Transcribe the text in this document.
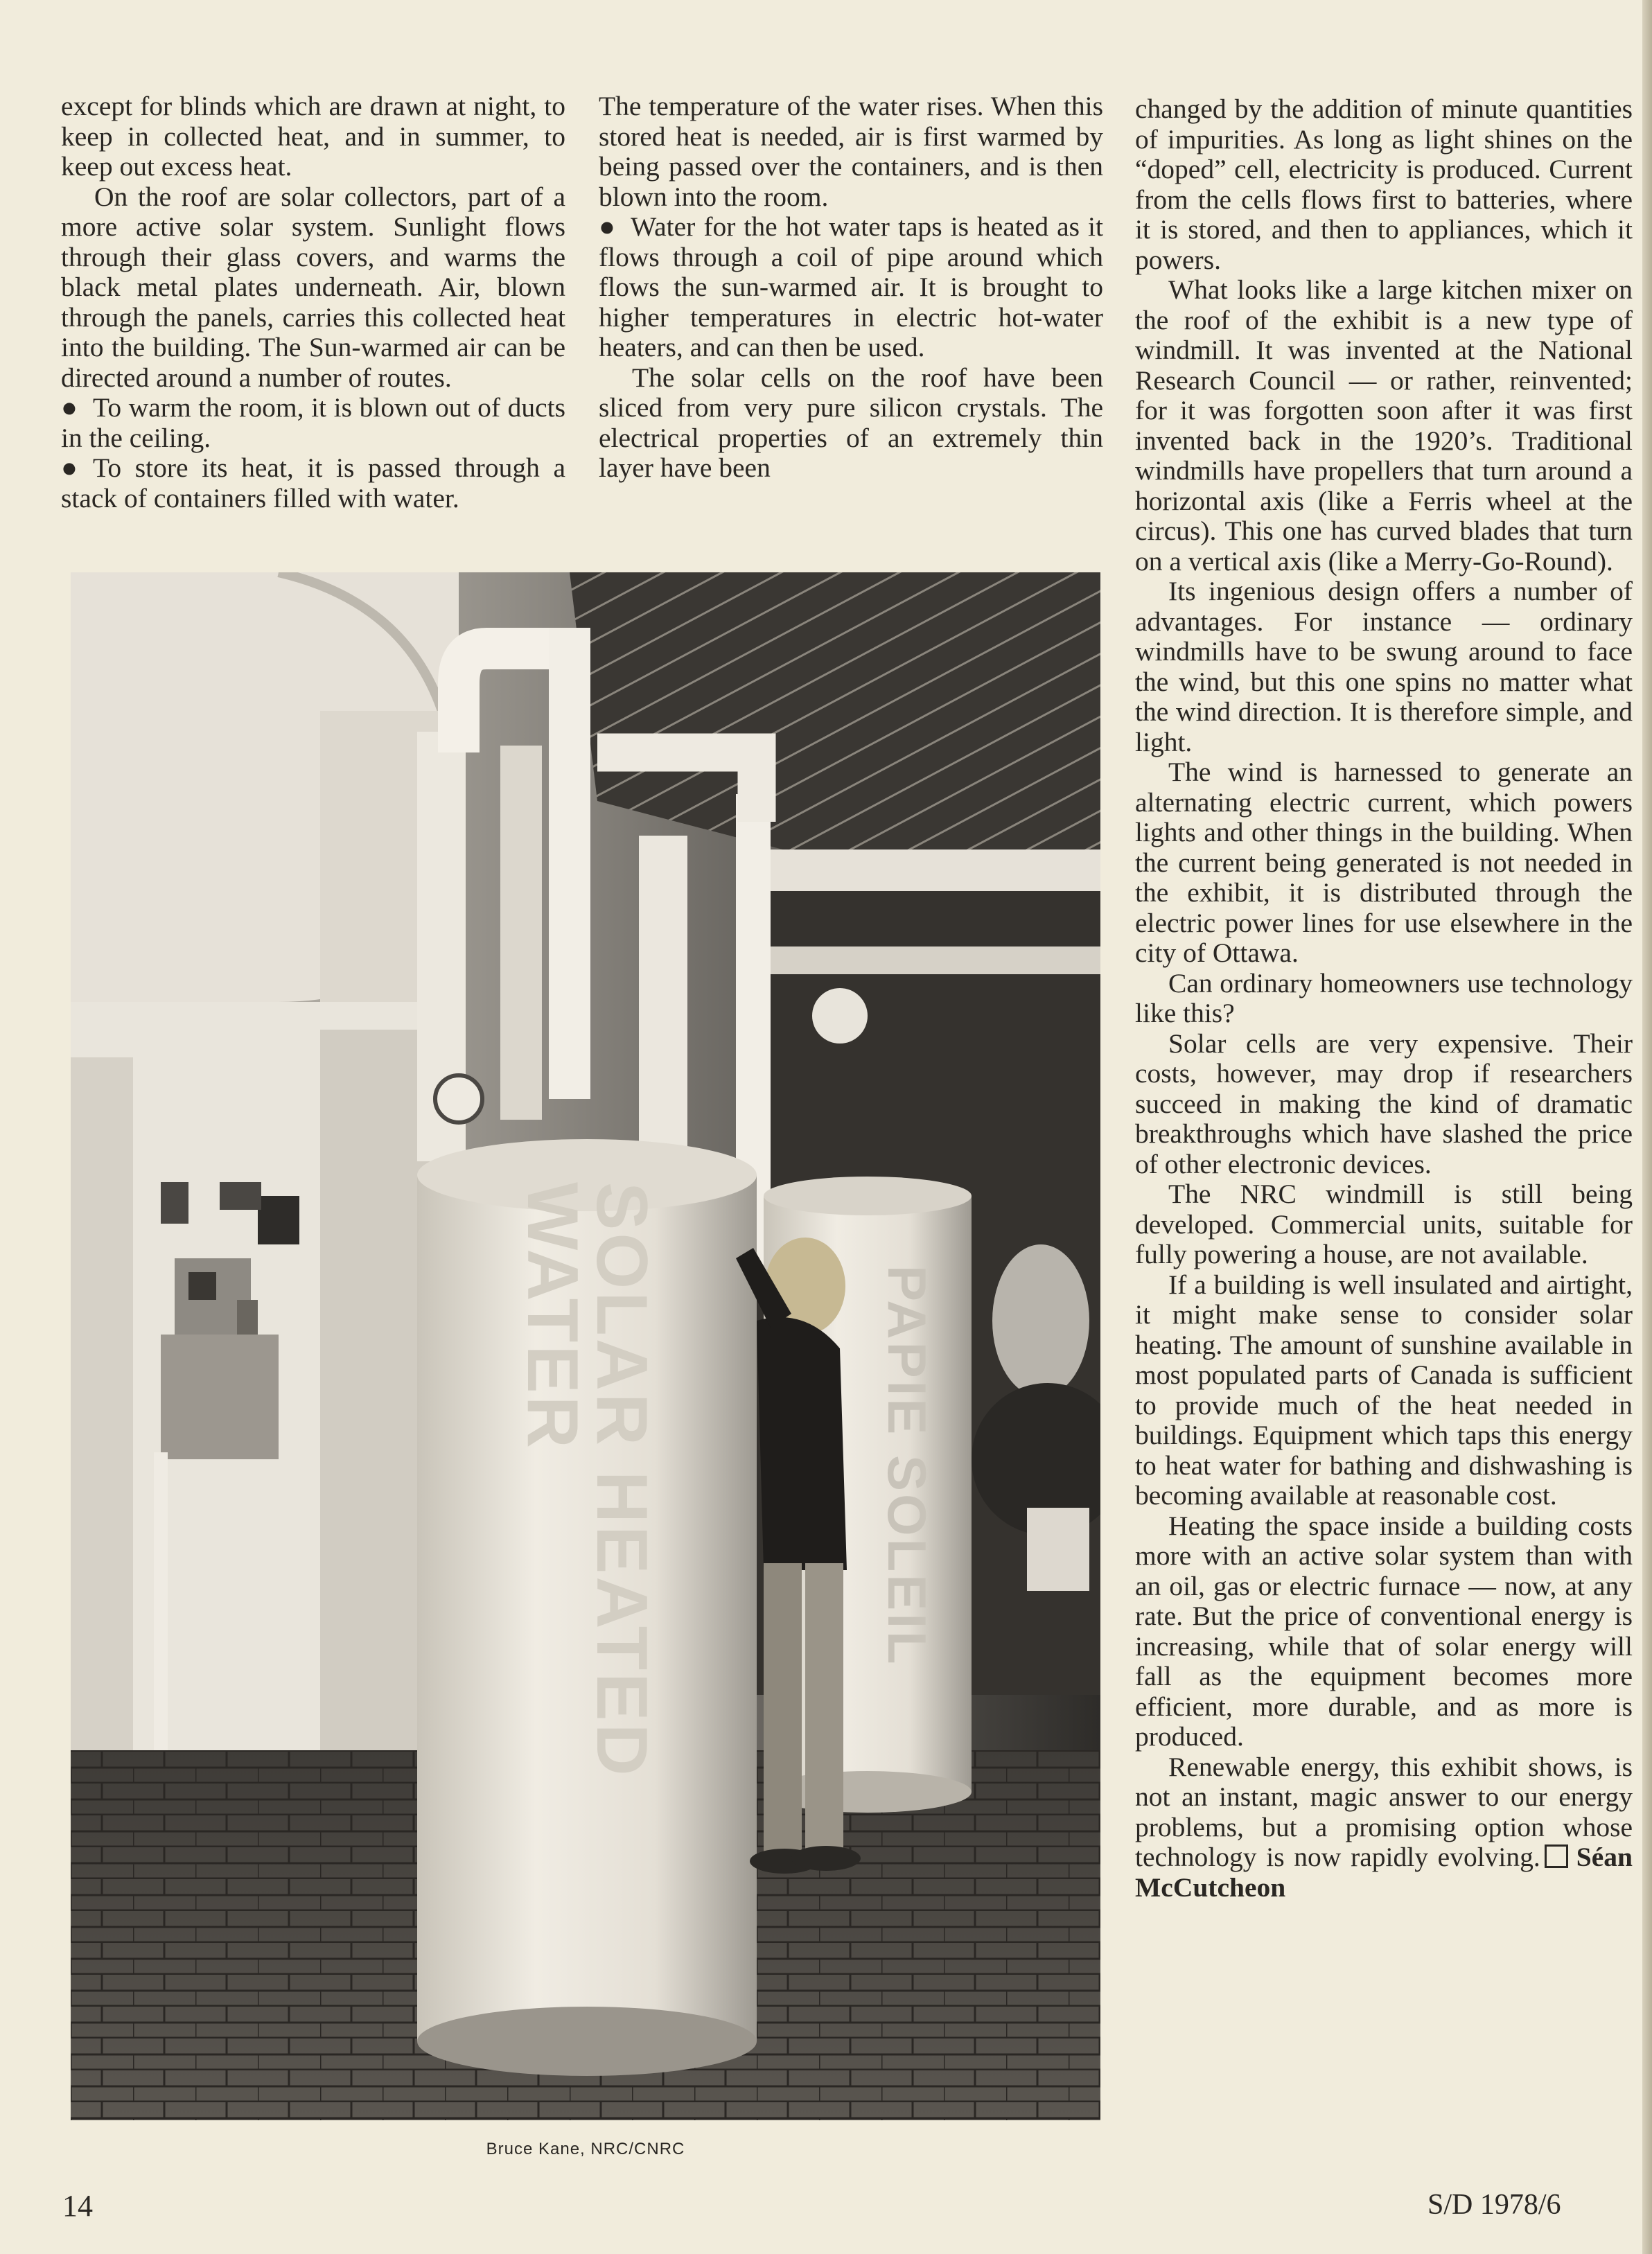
except for blinds which are drawn at night, to keep in collected heat, and in summer, to keep out excess heat.

On the roof are solar collectors, part of a more active solar system. Sunlight flows through their glass covers, and warms the black metal plates underneath. Air, blown through the panels, carries this collected heat into the building. The Sun-warmed air can be directed around a number of routes.

● To warm the room, it is blown out of ducts in the ceiling.

● To store its heat, it is passed through a stack of containers filled with water.

The temperature of the water rises. When this stored heat is needed, air is first warmed by being passed over the containers, and is then blown into the room.

● Water for the hot water taps is heated as it flows through a coil of pipe around which flows the sun-warmed air. It is brought to higher temperatures in electric hot-water heaters, and can then be used.

The solar cells on the roof have been sliced from very pure silicon crystals. The electrical properties of an extremely thin layer have been

changed by the addition of minute quantities of impurities. As long as light shines on the “doped” cell, electricity is produced. Current from the cells flows first to batteries, where it is stored, and then to appliances, which it powers.

What looks like a large kitchen mixer on the roof of the exhibit is a new type of windmill. It was invented at the National Research Council — or rather, reinvented; for it was forgotten soon after it was first invented back in the 1920’s. Traditional windmills have propellers that turn around a horizontal axis (like a Ferris wheel at the circus). This one has curved blades that turn on a vertical axis (like a Merry-Go-Round).

Its ingenious design offers a number of advantages. For instance — ordinary windmills have to be swung around to face the wind, but this one spins no matter what the wind direction. It is therefore simple, and light.

The wind is harnessed to generate an alternating electric current, which powers lights and other things in the building. When the current being generated is not needed in the exhibit, it is distributed through the electric power lines for use elsewhere in the city of Ottawa.

Can ordinary homeowners use technology like this?

Solar cells are very expensive. Their costs, however, may drop if researchers succeed in making the kind of dramatic breakthroughs which have slashed the price of other electronic devices.

The NRC windmill is still being developed. Commercial units, suitable for fully powering a house, are not available.

If a building is well insulated and airtight, it might make sense to consider solar heating. The amount of sunshine available in most populated parts of Canada is sufficient to provide much of the heat needed in buildings. Equipment which taps this energy to heat water for bathing and dishwashing is becoming available at reasonable cost.

Heating the space inside a building costs more with an active solar system than with an oil, gas or electric furnace — now, at any rate. But the price of conventional energy is increasing, while that of solar energy will fall as the equipment becomes more efficient, more durable, and as more is produced.

Renewable energy, this exhibit shows, is not an instant, magic answer to our energy problems, but a promising option whose technology is now rapidly evolving. Séan McCutcheon

PAPIE SOLEIL
SOLAR HEATED
WATER
Bruce Kane, NRC/CNRC
14	S/D 1978/6
